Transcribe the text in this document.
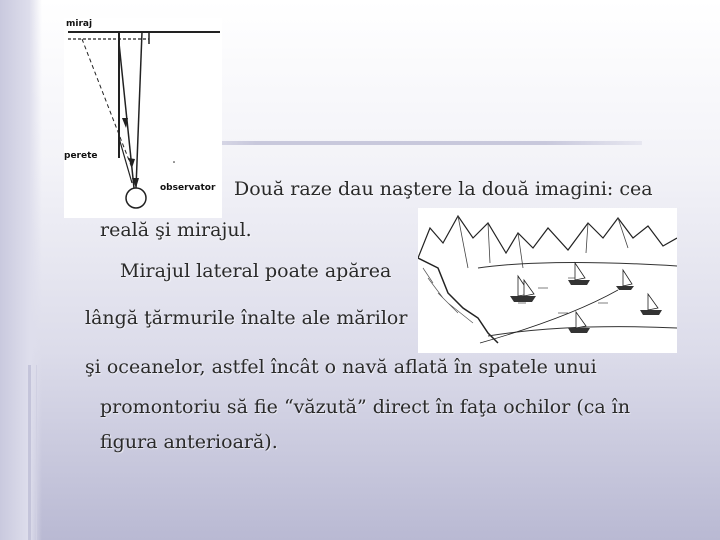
miraj
perete
observator Două raze dau naştere la două imagini: cea
reală şi mirajul.
Mirajul lateral poate apărea
lângă ţărmurile înalte ale mărilor
şi oceanelor, astfel încât o navă aflată în spatele unui
promontoriu să fie “văzută” direct în faţa ochilor (ca în
figura anterioară).
